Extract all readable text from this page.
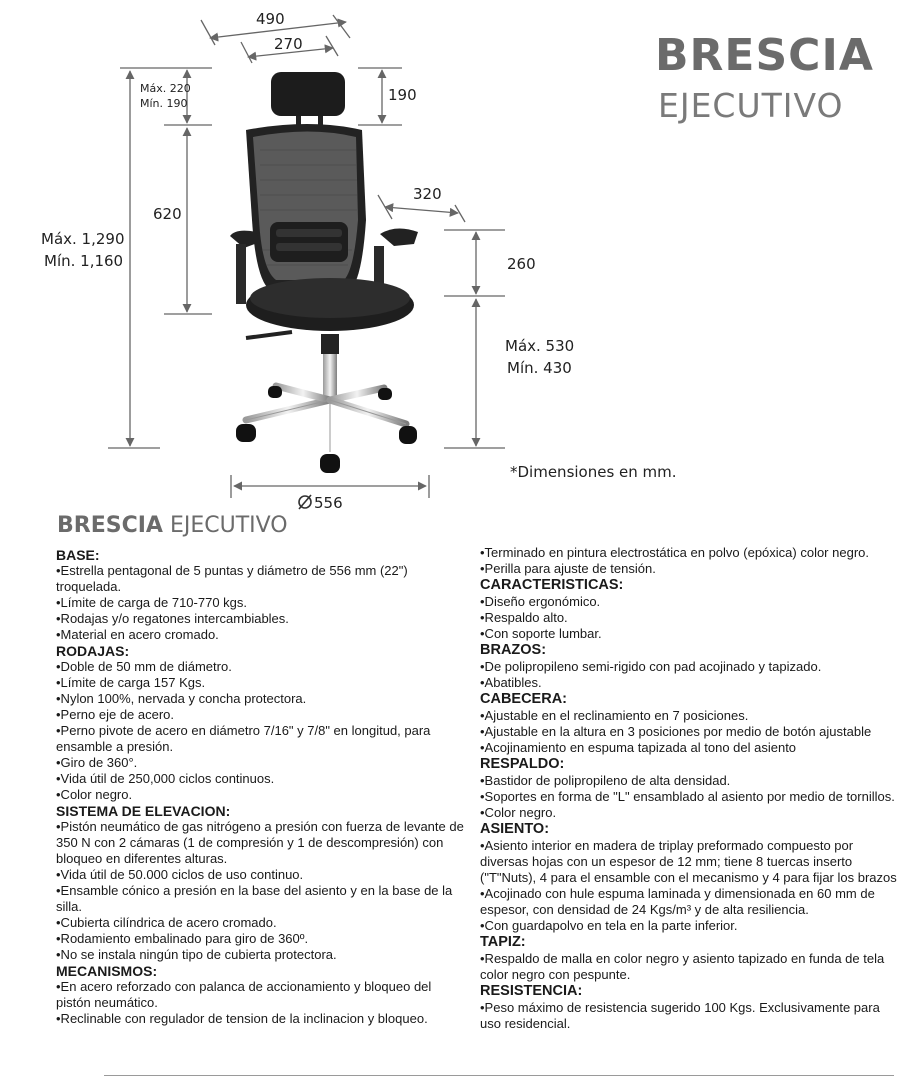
BRESCIA
EJECUTIVO
490
270
Máx. 220
Mín. 190	190
620
Máx. 1,290
Mín. 1,160
320
260
Máx. 530
Mín. 430
556
*Dimensiones en mm.
BRESCIA EJECUTIVO

BASE:

•Estrella pentagonal de 5 puntas y diámetro de 556 mm (22") troquelada.

•Límite de carga de 710-770 kgs.

•Rodajas y/o regatones intercambiables.

•Material en acero cromado.

RODAJAS:

•Doble de 50 mm de diámetro.

•Límite de carga 157 Kgs.

•Nylon 100%, nervada y concha protectora.

•Perno eje de acero.

•Perno pivote de acero en diámetro 7/16" y 7/8" en longitud, para ensamble a presión.

•Giro de 360°.

•Vida útil de 250,000 ciclos continuos.

•Color negro.

SISTEMA DE ELEVACION:

•Pistón neumático de gas nitrógeno a presión con fuerza de levante de 350 N con 2 cámaras (1 de compresión y 1 de descompresión) con bloqueo en diferentes alturas.

•Vida útil de 50.000 ciclos de uso continuo.

•Ensamble cónico a presión en la base del asiento y en la base de la silla.

•Cubierta cilíndrica de acero cromado.

•Rodamiento embalinado para giro de 360º.

•No se instala ningún tipo de cubierta protectora.

MECANISMOS:

•En acero reforzado con palanca de accionamiento y bloqueo del pistón neumático.

•Reclinable con regulador de tension de la inclinacion y bloqueo.

•Terminado en pintura electrostática en polvo (epóxica) color negro.

•Perilla para ajuste de tensión.

CARACTERISTICAS:

•Diseño ergonómico.

•Respaldo alto.

•Con soporte lumbar.

BRAZOS:

•De polipropileno semi-rigido con pad acojinado y tapizado.

•Abatibles.

CABECERA:

•Ajustable en el reclinamiento en 7 posiciones.

•Ajustable en la altura en 3 posiciones por medio de botón ajustable

•Acojinamiento en espuma tapizada al tono del asiento

RESPALDO:

•Bastidor de polipropileno de alta densidad.

•Soportes en forma de "L" ensamblado al asiento por medio de tornillos.

•Color negro.

ASIENTO:

•Asiento interior en madera de triplay preformado compuesto por diversas hojas con un espesor de 12 mm; tiene 8 tuercas inserto ("T"Nuts), 4 para el ensamble con el mecanismo y 4 para fijar los brazos

•Acojinado con hule espuma laminada y dimensionada en 60 mm de espesor, con densidad de 24 Kgs/m³ y de alta resiliencia.

•Con guardapolvo en tela en la parte inferior.

TAPIZ:

•Respaldo de malla en color negro y asiento tapizado en funda de tela color negro con pespunte.

RESISTENCIA:

•Peso máximo de resistencia sugerido 100 Kgs. Exclusivamente para uso residencial.
